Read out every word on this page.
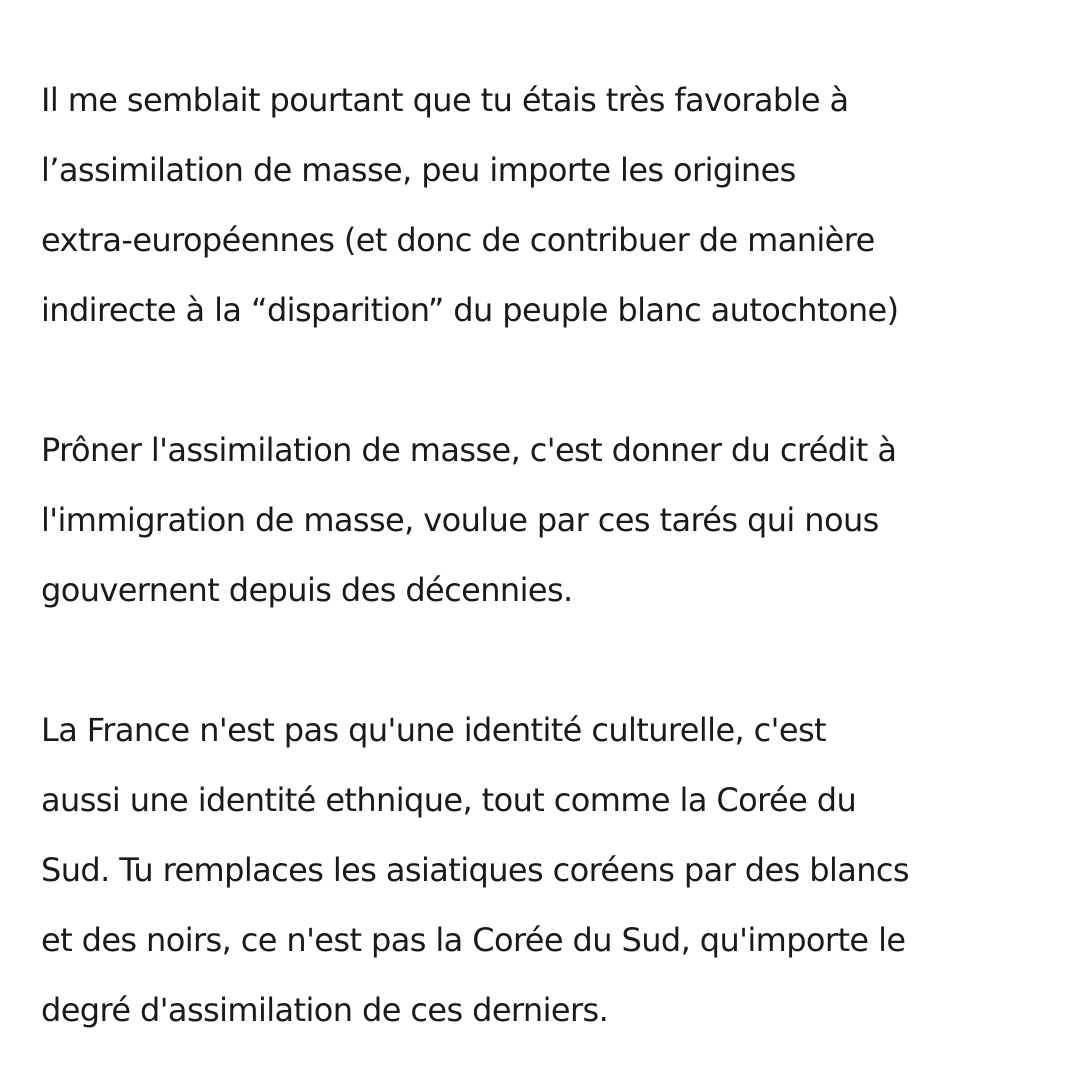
Il me semblait pourtant que tu étais très favorable à
l’assimilation de masse, peu importe les origines
extra-européennes (et donc de contribuer de manière
indirecte à la “disparition” du peuple blanc autochtone)

Prôner l'assimilation de masse, c'est donner du crédit à
l'immigration de masse, voulue par ces tarés qui nous
gouvernent depuis des décennies.

La France n'est pas qu'une identité culturelle, c'est
aussi une identité ethnique, tout comme la Corée du
Sud. Tu remplaces les asiatiques coréens par des blancs
et des noirs, ce n'est pas la Corée du Sud, qu'importe le
degré d'assimilation de ces derniers.
